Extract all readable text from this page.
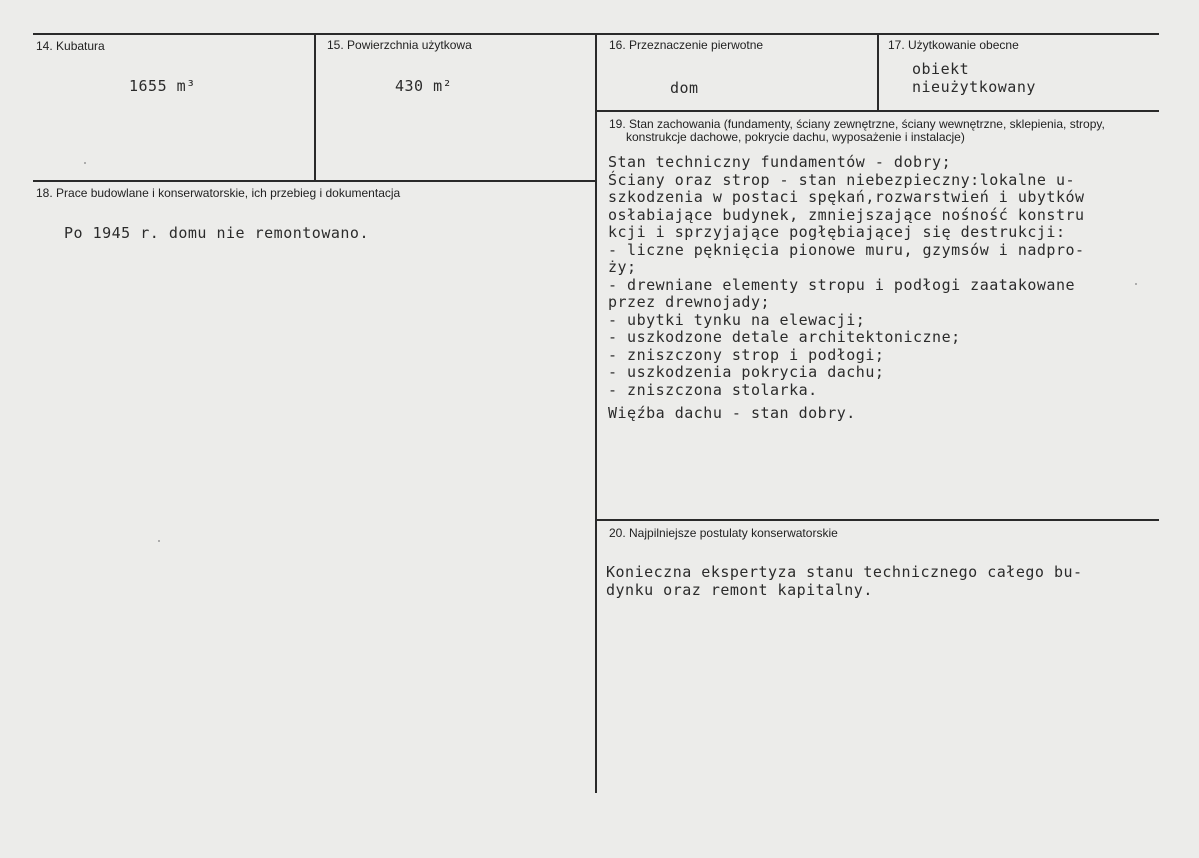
14. Kubatura
1655 m³
15. Powierzchnia użytkowa
430 m²
16. Przeznaczenie pierwotne
dom
17. Użytkowanie obecne
obiekt
nieużytkowany
18. Prace budowlane i konserwatorskie, ich przebieg i dokumentacja
Po 1945 r. domu nie remontowano.
19. Stan zachowania (fundamenty, ściany zewnętrzne, ściany wewnętrzne, sklepienia, stropy,
konstrukcje dachowe, pokrycie dachu, wyposażenie i instalacje)
Stan techniczny fundamentów - dobry;
Ściany oraz strop - stan niebezpieczny:lokalne u-
szkodzenia w postaci spękań,rozwarstwień i ubytków
osłabiające budynek, zmniejszające nośność konstru
kcji i sprzyjające pogłębiającej się destrukcji:
- liczne pęknięcia pionowe muru, gzymsów i nadpro-
ży;
- drewniane elementy stropu i podłogi zaatakowane
przez drewnojady;
- ubytki tynku na elewacji;
- uszkodzone detale architektoniczne;
- zniszczony strop i podłogi;
- uszkodzenia pokrycia dachu;
- zniszczona stolarka.
Więźba dachu - stan dobry.
20. Najpilniejsze postulaty konserwatorskie
Konieczna ekspertyza stanu technicznego całego bu-
dynku oraz remont kapitalny.
